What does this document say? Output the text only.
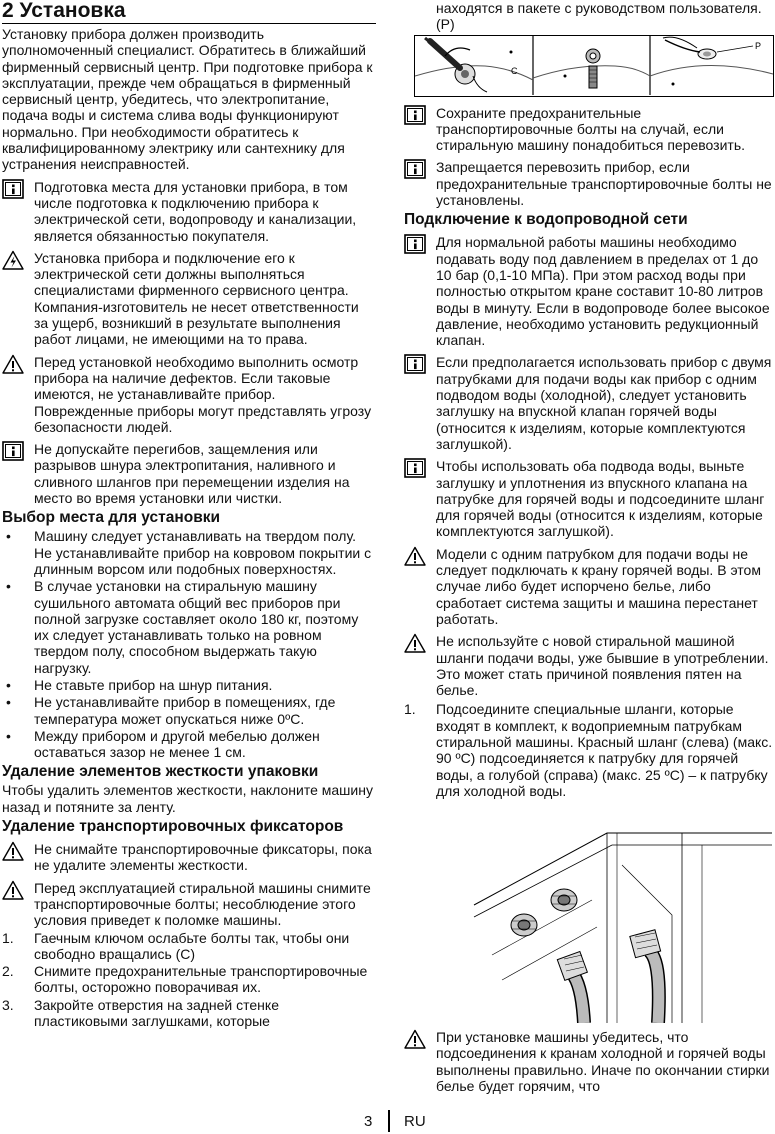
2 Установка

Установку прибора должен производить уполномоченный специалист. Обратитесь в ближайший фирменный сервисный центр. При подготовке прибора к эксплуатации, прежде чем обращаться в фирменный сервисный центр, убедитесь, что электропитание, подача воды и система слива воды функционируют нормально. При необходимости обратитесь к квалифицированному электрику или сантехнику для устранения неисправностей.

Подготовка места для установки прибора, в том числе подготовка к подключению прибора к электрической сети, водопроводу и канализации, является обязанностью покупателя.
Установка прибора и подключение его к электрической сети должны выполняться специалистами фирменного сервисного центра. Компания-изготовитель не несет ответственности за ущерб, возникший в результате выполнения работ лицами, не имеющими на то права.
Перед установкой необходимо выполнить осмотр прибора на наличие дефектов. Если таковые имеются, не устанавливайте прибор. Поврежденные приборы могут представлять угрозу безопасности людей.
Не допускайте перегибов, защемления или разрывов шнура электропитания, наливного и сливного шлангов при перемещении изделия на место во время установки или чистки.
Выбор места для установки
• Машину следует устанавливать на твердом полу. Не устанавливайте прибор на ковровом покрытии с длинным ворсом или подобных поверхностях.
• В случае установки на стиральную машину сушильного автомата общий вес приборов при полной загрузке составляет около 180 кг, поэтому их следует устанавливать только на ровном твердом полу, способном выдержать такую нагрузку.
• Не ставьте прибор на шнур питания.
• Не устанавливайте прибор в помещениях, где температура может опускаться ниже 0ºC.
• Между прибором и другой мебелью должен оставаться зазор не менее 1 см.
Удаление элементов жесткости упаковки

Чтобы удалить элементов жесткости, наклоните машину назад и потяните за ленту.

Удаление транспортировочных фиксаторов
Не снимайте транспортировочные фиксаторы, пока не удалите элементы жесткости.
Перед эксплуатацией стиральной машины снимите транспортировочные болты; несоблюдение этого условия приведет к поломке машины.
1. Гаечным ключом ослабьте болты так, чтобы они свободно вращались (C)
2. Снимите предохранительные транспортировочные болты, осторожно поворачивая их.
3. Закройте отверстия на задней стенке пластиковыми заглушками, которые

находятся в пакете с руководством пользователя. (P)

C
P
Сохраните предохранительные транспортировочные болты на случай, если стиральную машину понадобиться перевозить.
Запрещается перевозить прибор, если предохранительные транспортировочные болты не установлены.
Подключение к водопроводной сети
Для нормальной работы машины необходимо подавать воду под давлением в пределах от 1 до 10 бар (0,1-10 МПа). При этом расход воды при полностью открытом кране составит 10-80 литров воды в минуту. Если в водопроводе более высокое давление, необходимо установить редукционный клапан.
Если предполагается использовать прибор с двумя патрубками для подачи воды как прибор с одним подводом воды (холодной), следует установить заглушку на впускной клапан горячей воды (относится к изделиям, которые комплектуются заглушкой).
Чтобы использовать оба подвода воды, выньте заглушку и уплотнения из впускного клапана на патрубке для горячей воды и подсоедините шланг для горячей воды (относится к изделиям, которые комплектуются заглушкой).
Модели с одним патрубком для подачи воды не следует подключать к крану горячей воды. В этом случае либо будет испорчено белье, либо сработает система защиты и машина перестанет работать.
Не используйте с новой стиральной машиной шланги подачи воды, уже бывшие в употреблении. Это может стать причиной появления пятен на белье.
1. Подсоедините специальные шланги, которые входят в комплект, к водоприемным патрубкам стиральной машины. Красный шланг (слева) (макс. 90 ºC) подсоединяется к патрубку для горячей воды, а голубой (справа) (макс. 25 ºC) – к патрубку для холодной воды.
При установке машины убедитесь, что подсоединения к кранам холодной и горячей воды выполнены правильно. Иначе по окончании стирки белье будет горячим, что
3 RU
